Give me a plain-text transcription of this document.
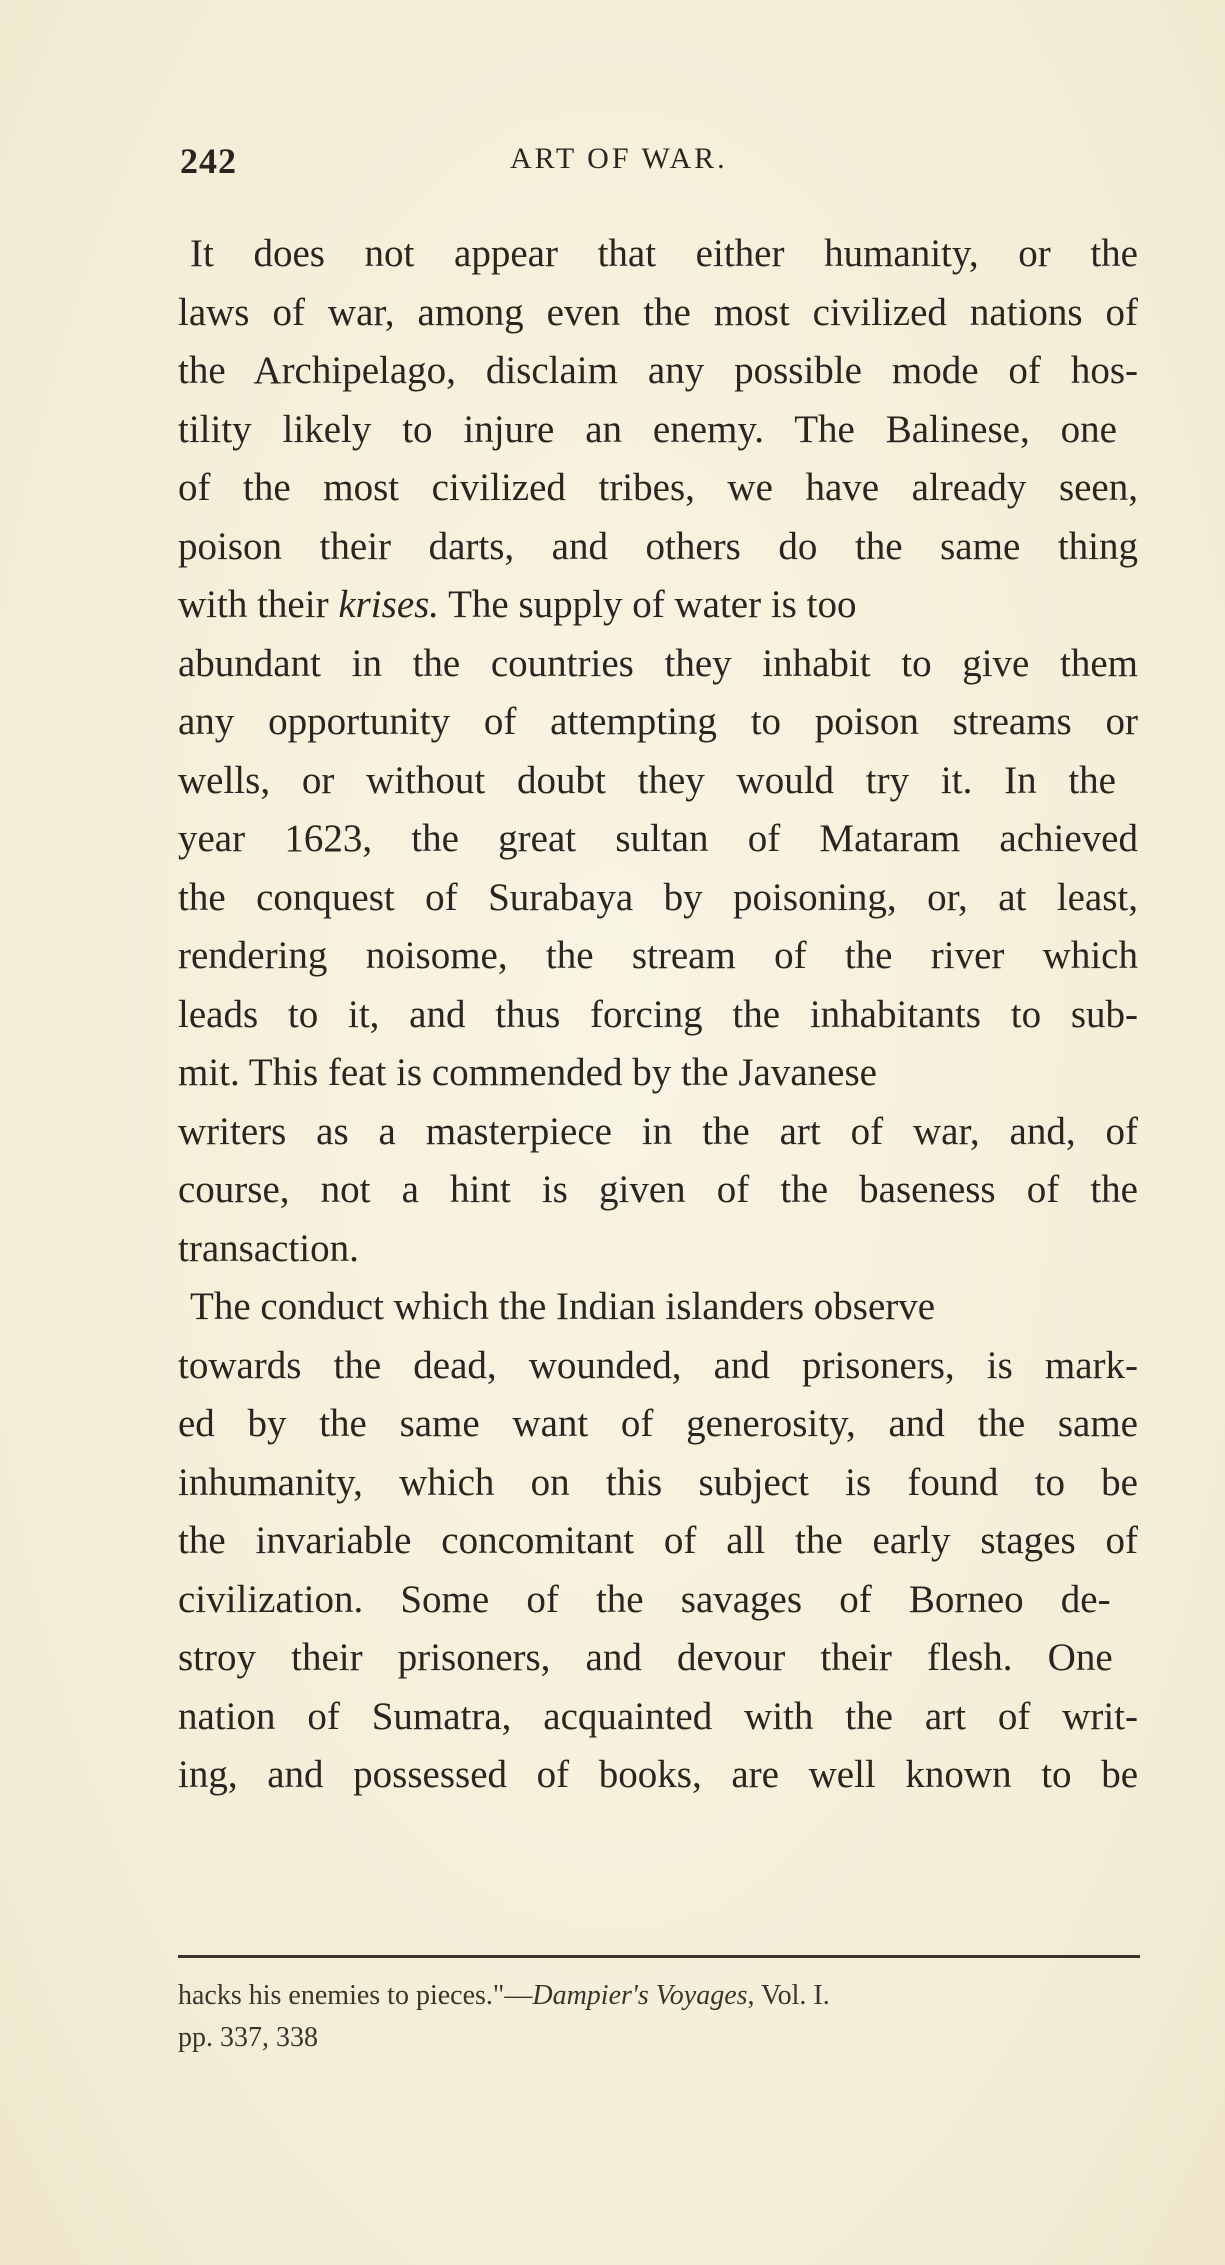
242	ART OF WAR.

It does not appear that either humanity, or the
laws of war, among even the most civilized nations of
the Archipelago, disclaim any possible mode of hos-
tility likely to injure an enemy. The Balinese, one
of the most civilized tribes, we have already seen,
poison their darts, and others do the same thing
with their krises. The supply of water is too
abundant in the countries they inhabit to give them
any opportunity of attempting to poison streams or
wells, or without doubt they would try it. In the
year 1623, the great sultan of Mataram achieved
the conquest of Surabaya by poisoning, or, at least,
rendering noisome, the stream of the river which
leads to it, and thus forcing the inhabitants to sub-
mit. This feat is commended by the Javanese
writers as a masterpiece in the art of war, and, of
course, not a hint is given of the baseness of the
transaction.

The conduct which the Indian islanders observe
towards the dead, wounded, and prisoners, is mark-
ed by the same want of generosity, and the same
inhumanity, which on this subject is found to be
the invariable concomitant of all the early stages of
civilization. Some of the savages of Borneo de-
stroy their prisoners, and devour their flesh. One
nation of Sumatra, acquainted with the art of writ-
ing, and possessed of books, are well known to be

hacks his enemies to pieces."—Dampier's Voyages, Vol. I.
pp. 337, 338
